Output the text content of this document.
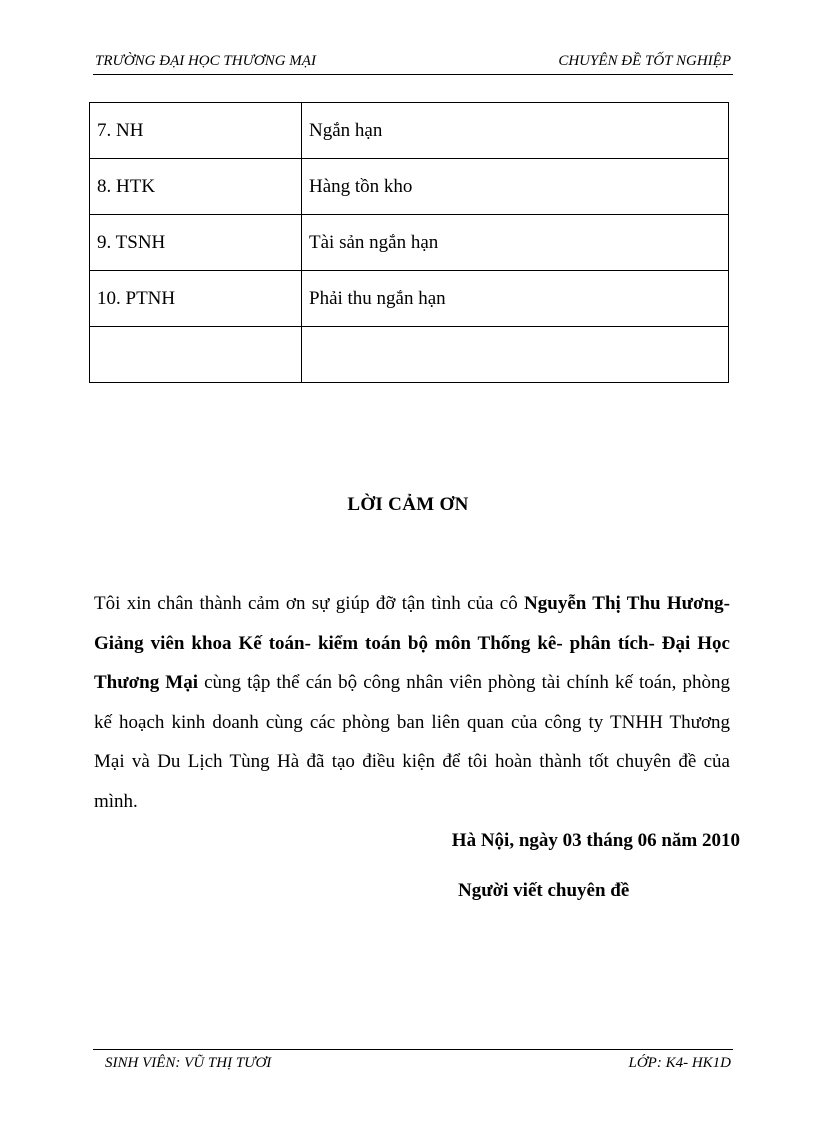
TRƯỜNG ĐẠI HỌC THƯƠNG MẠI	CHUYÊN ĐỀ TỐT NGHIỆP
7. NH	Ngắn hạn
8. HTK	Hàng tồn kho
9. TSNH	Tài sản ngắn hạn
10. PTNH	Phải thu ngắn hạn

LỜI CẢM ƠN
Tôi xin chân thành cảm ơn sự giúp đỡ tận tình của cô Nguyễn Thị Thu Hương- Giảng viên khoa Kế toán- kiểm toán bộ môn Thống kê- phân tích- Đại Học Thương Mại cùng tập thể cán bộ công nhân viên phòng tài chính kế toán, phòng kế hoạch kinh doanh cùng các phòng ban liên quan của công ty TNHH Thương Mại và Du Lịch Tùng Hà đã tạo điều kiện để tôi hoàn thành tốt chuyên đề của mình.
Hà Nội, ngày 03 tháng 06 năm 2010
Người viết chuyên đề
SINH VIÊN: VŨ THỊ TƯƠI	LỚP: K4- HK1D
